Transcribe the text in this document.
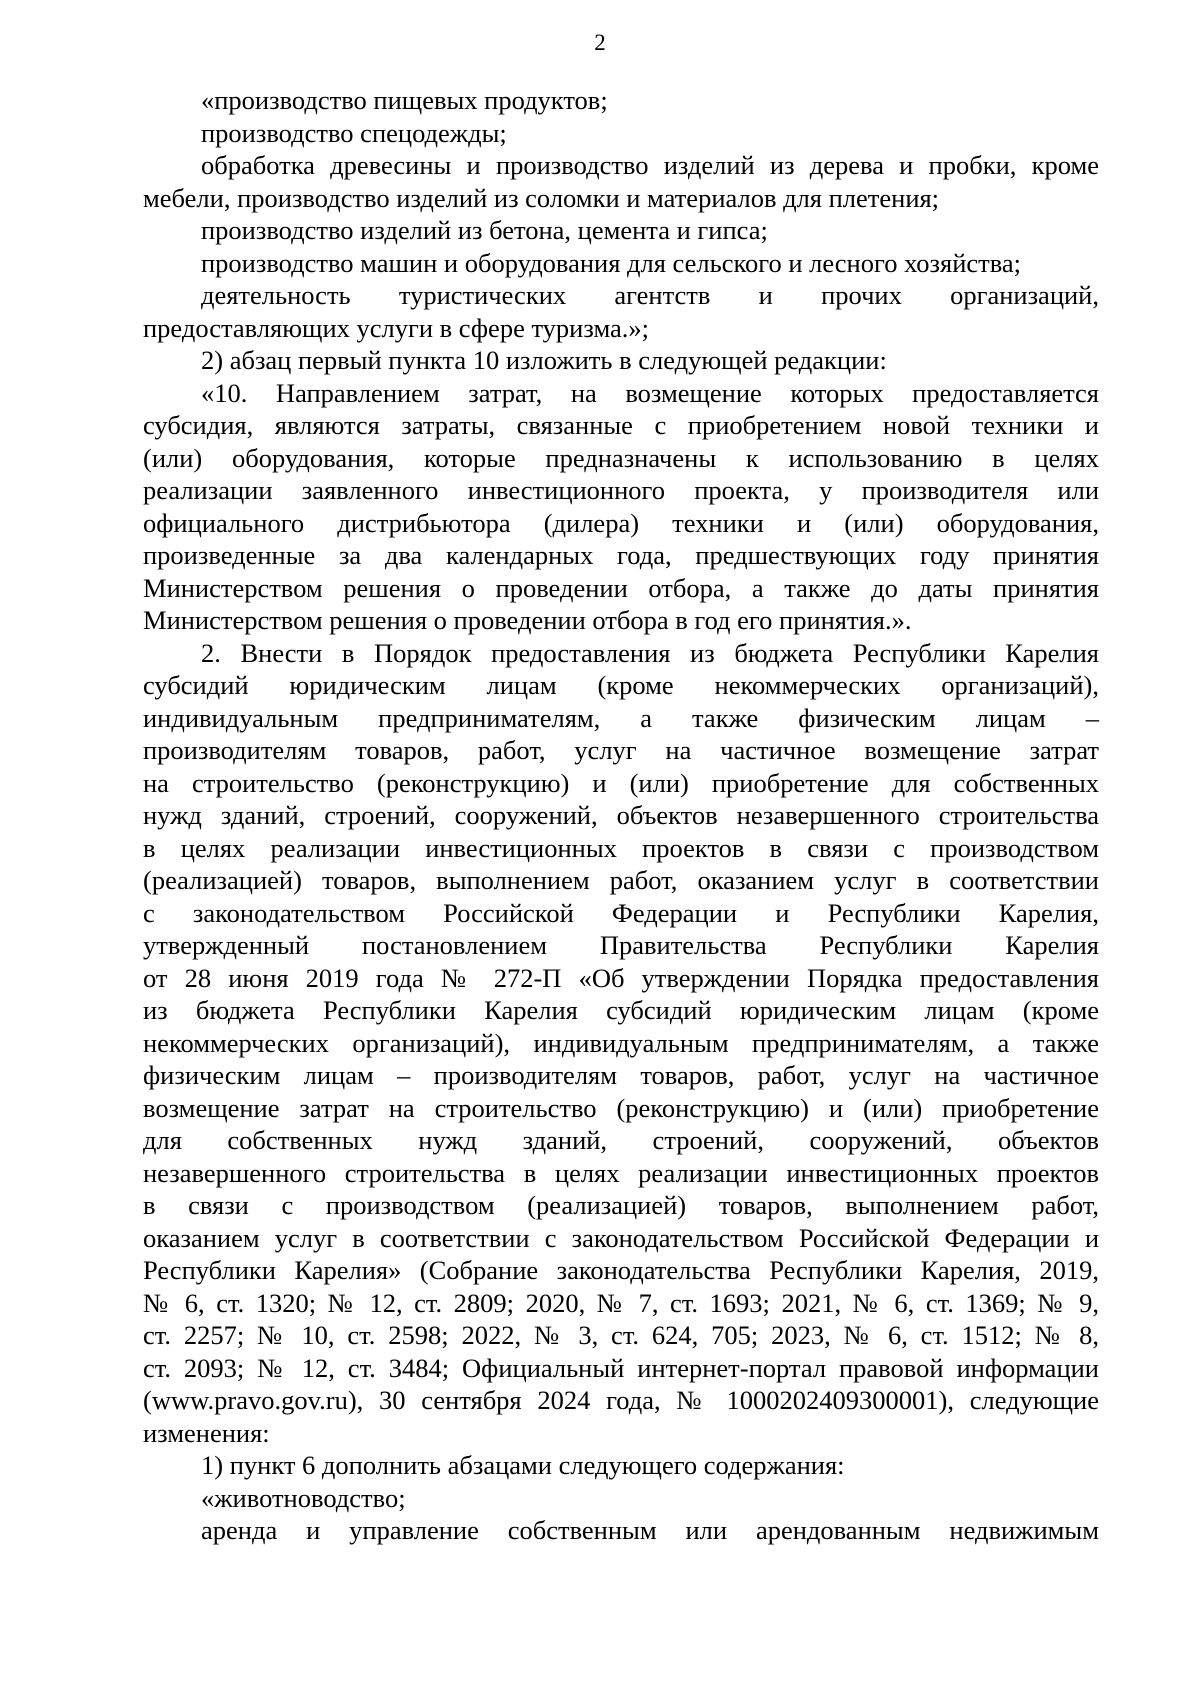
2

«производство пищевых продуктов;

производство спецодежды;

обработка древесины и производство изделий из дерева и пробки, кроме

мебели, производство изделий из соломки и материалов для плетения;

производство изделий из бетона, цемента и гипса;

производство машин и оборудования для сельского и лесного хозяйства;

деятельность туристических агентств и прочих организаций,

предоставляющих услуги в сфере туризма.»;

2) абзац первый пункта 10 изложить в следующей редакции:

«10. Направлением затрат, на возмещение которых предоставляется

субсидия, являются затраты, связанные с приобретением новой техники и

(или) оборудования, которые предназначены к использованию в целях

реализации заявленного инвестиционного проекта, у производителя или

официального дистрибьютора (дилера) техники и (или) оборудования,

произведенные за два календарных года, предшествующих году принятия

Министерством решения о проведении отбора, а также до даты принятия

Министерством решения о проведении отбора в год его принятия.».

2. Внести в Порядок предоставления из бюджета Республики Карелия

субсидий юридическим лицам (кроме некоммерческих организаций),

индивидуальным предпринимателям, а также физическим лицам –

производителям товаров, работ, услуг на частичное возмещение затрат

на строительство (реконструкцию) и (или) приобретение для собственных

нужд зданий, строений, сооружений, объектов незавершенного строительства

в целях реализации инвестиционных проектов в связи с производством

(реализацией) товаров, выполнением работ, оказанием услуг в соответствии

с законодательством Российской Федерации и Республики Карелия,

утвержденный постановлением Правительства Республики Карелия

от 28 июня 2019 года № 272-П «Об утверждении Порядка предоставления

из бюджета Республики Карелия субсидий юридическим лицам (кроме

некоммерческих организаций), индивидуальным предпринимателям, а также

физическим лицам – производителям товаров, работ, услуг на частичное

возмещение затрат на строительство (реконструкцию) и (или) приобретение

для собственных нужд зданий, строений, сооружений, объектов

незавершенного строительства в целях реализации инвестиционных проектов

в связи с производством (реализацией) товаров, выполнением работ,

оказанием услуг в соответствии с законодательством Российской Федерации и

Республики Карелия» (Собрание законодательства Республики Карелия, 2019,

№ 6, ст. 1320; № 12, ст. 2809; 2020, № 7, ст. 1693; 2021, № 6, ст. 1369; № 9,

ст. 2257; № 10, ст. 2598; 2022, № 3, ст. 624, 705; 2023, № 6, ст. 1512; № 8,

ст. 2093; № 12, ст. 3484; Официальный интернет-портал правовой информации

(www.pravo.gov.ru), 30 сентября 2024 года, № 1000202409300001), следующие

изменения:

1) пункт 6 дополнить абзацами следующего содержания:

«животноводство;

аренда и управление собственным или арендованным недвижимым
